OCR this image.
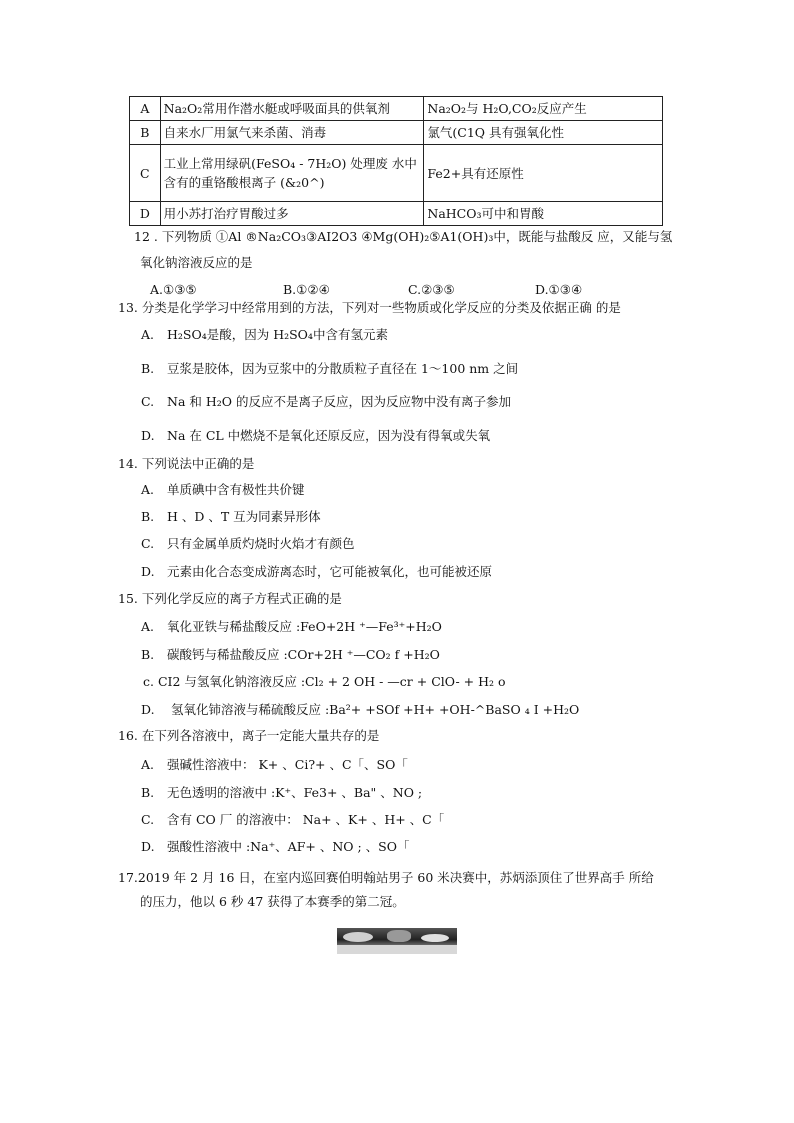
A	Na₂O₂常用作潜水艇或呼吸面具的供氧剂	Na₂O₂与 H₂O,CO₂反应产生
B	自来水厂用氯气来杀菌、消毒	氯气(C1Q 具有强氧化性
C	工业上常用绿矾(FeSO₄ - 7H₂O) 处理废 水中含有的重铬酸根离子 (&₂0^)	Fe2+具有还原性
D	用小苏打治疗胃酸过多	NaHCO₃可中和胃酸
12 . 下列物质 ①Al ®Na₂CO₃③AI2O3 ④Mg(OH)₂⑤A1(OH)₃中，既能与盐酸反 应，又能与氢
氧化钠溶液反应的是
A.①③⑤	B.①②④	C.②③⑤	D.①③④
13. 分类是化学学习中经常用到的方法，下列对一些物质或化学反应的分类及依据正确 的是
A. H₂SO₄是酸，因为 H₂SO₄中含有氢元素
B. 豆浆是胶体，因为豆浆中的分散质粒子直径在 1～100 nm 之间
C. Na 和 H₂O 的反应不是离子反应，因为反应物中没有离子参加
D. Na 在 CL 中燃烧不是氧化还原反应，因为没有得氧或失氧
14. 下列说法中正确的是
A. 单质碘中含有极性共价键
B. H 、D 、T 互为同素异形体
C. 只有金属单质灼烧时火焰才有颜色
D. 元素由化合态变成游离态时，它可能被氧化，也可能被还原
15. 下列化学反应的离子方程式正确的是
A. 氧化亚铁与稀盐酸反应 :FeO+2H ⁺—Fe³⁺+H₂O
B. 碳酸钙与稀盐酸反应 :COr+2H ⁺—CO₂ f +H₂O
c. CI2 与氢氧化钠溶液反应 :Cl₂ + 2 OH - —cr + ClO- + H₂ o
D. 氢氧化铈溶液与稀硫酸反应 :Ba²+ +SOf +H+ +OH-^BaSO ₄ I +H₂O
16. 在下列各溶液中，离子一定能大量共存的是
A. 强碱性溶液中： K+ 、Ci?+ 、C「、SO「
B. 无色透明的溶液中 :K⁺、Fe3+ 、Ba" 、NO ;
C. 含有 CO 厂 的溶液中： Na+ 、K+ 、H+ 、C「
D. 强酸性溶液中 :Na⁺、AF+ 、NO ; 、SO「
17.2019 年 2 月 16 日，在室内巡回赛伯明翰站男子 60 米决赛中，苏炳添顶住了世界高手 所给
的压力，他以 6 秒 47 获得了本赛季的第二冠。
